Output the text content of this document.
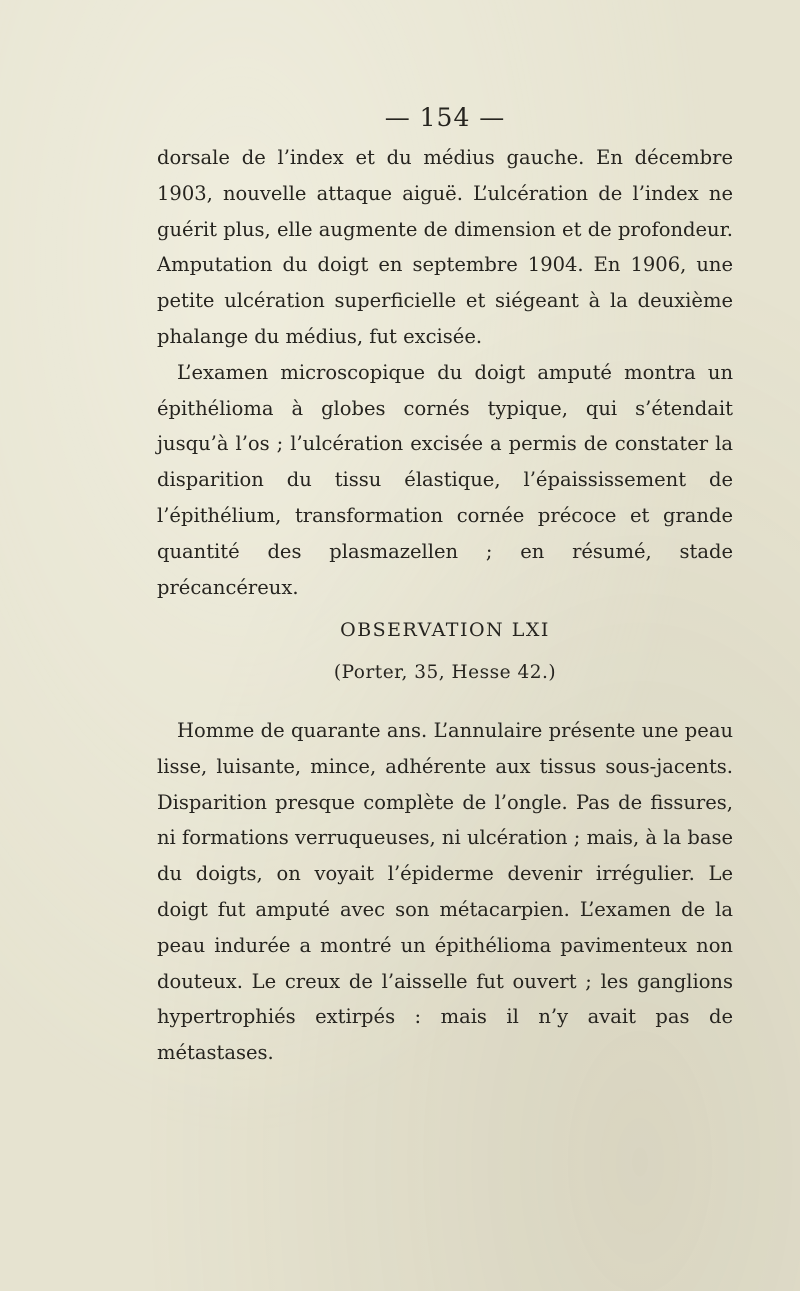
— 154 —

dorsale de l’index et du médius gauche. En décembre 1903, nouvelle attaque aiguë. L’ulcération de l’index ne guérit plus, elle augmente de dimension et de profondeur. Amputation du doigt en septembre 1904. En 1906, une petite ulcération superficielle et siégeant à la deuxième phalange du médius, fut excisée.

L’examen microscopique du doigt amputé montra un épithélioma à globes cornés typique, qui s’étendait jusqu’à l’os ; l’ulcération excisée a permis de constater la disparition du tissu élastique, l’épaississement de l’épithélium, transformation cornée précoce et grande quantité des plasmazellen ; en résumé, stade précancéreux.

OBSERVATION LXI
(Porter, 35, Hesse 42.)

Homme de quarante ans. L’annulaire présente une peau lisse, luisante, mince, adhérente aux tissus sous-jacents. Disparition presque complète de l’ongle. Pas de fissures, ni formations verruqueuses, ni ulcération ; mais, à la base du doigts, on voyait l’épiderme devenir irrégulier. Le doigt fut amputé avec son métacarpien. L’examen de la peau indurée a montré un épithélioma pavimenteux non douteux. Le creux de l’aisselle fut ouvert ; les ganglions hypertrophiés extirpés : mais il n’y avait pas de métastases.
